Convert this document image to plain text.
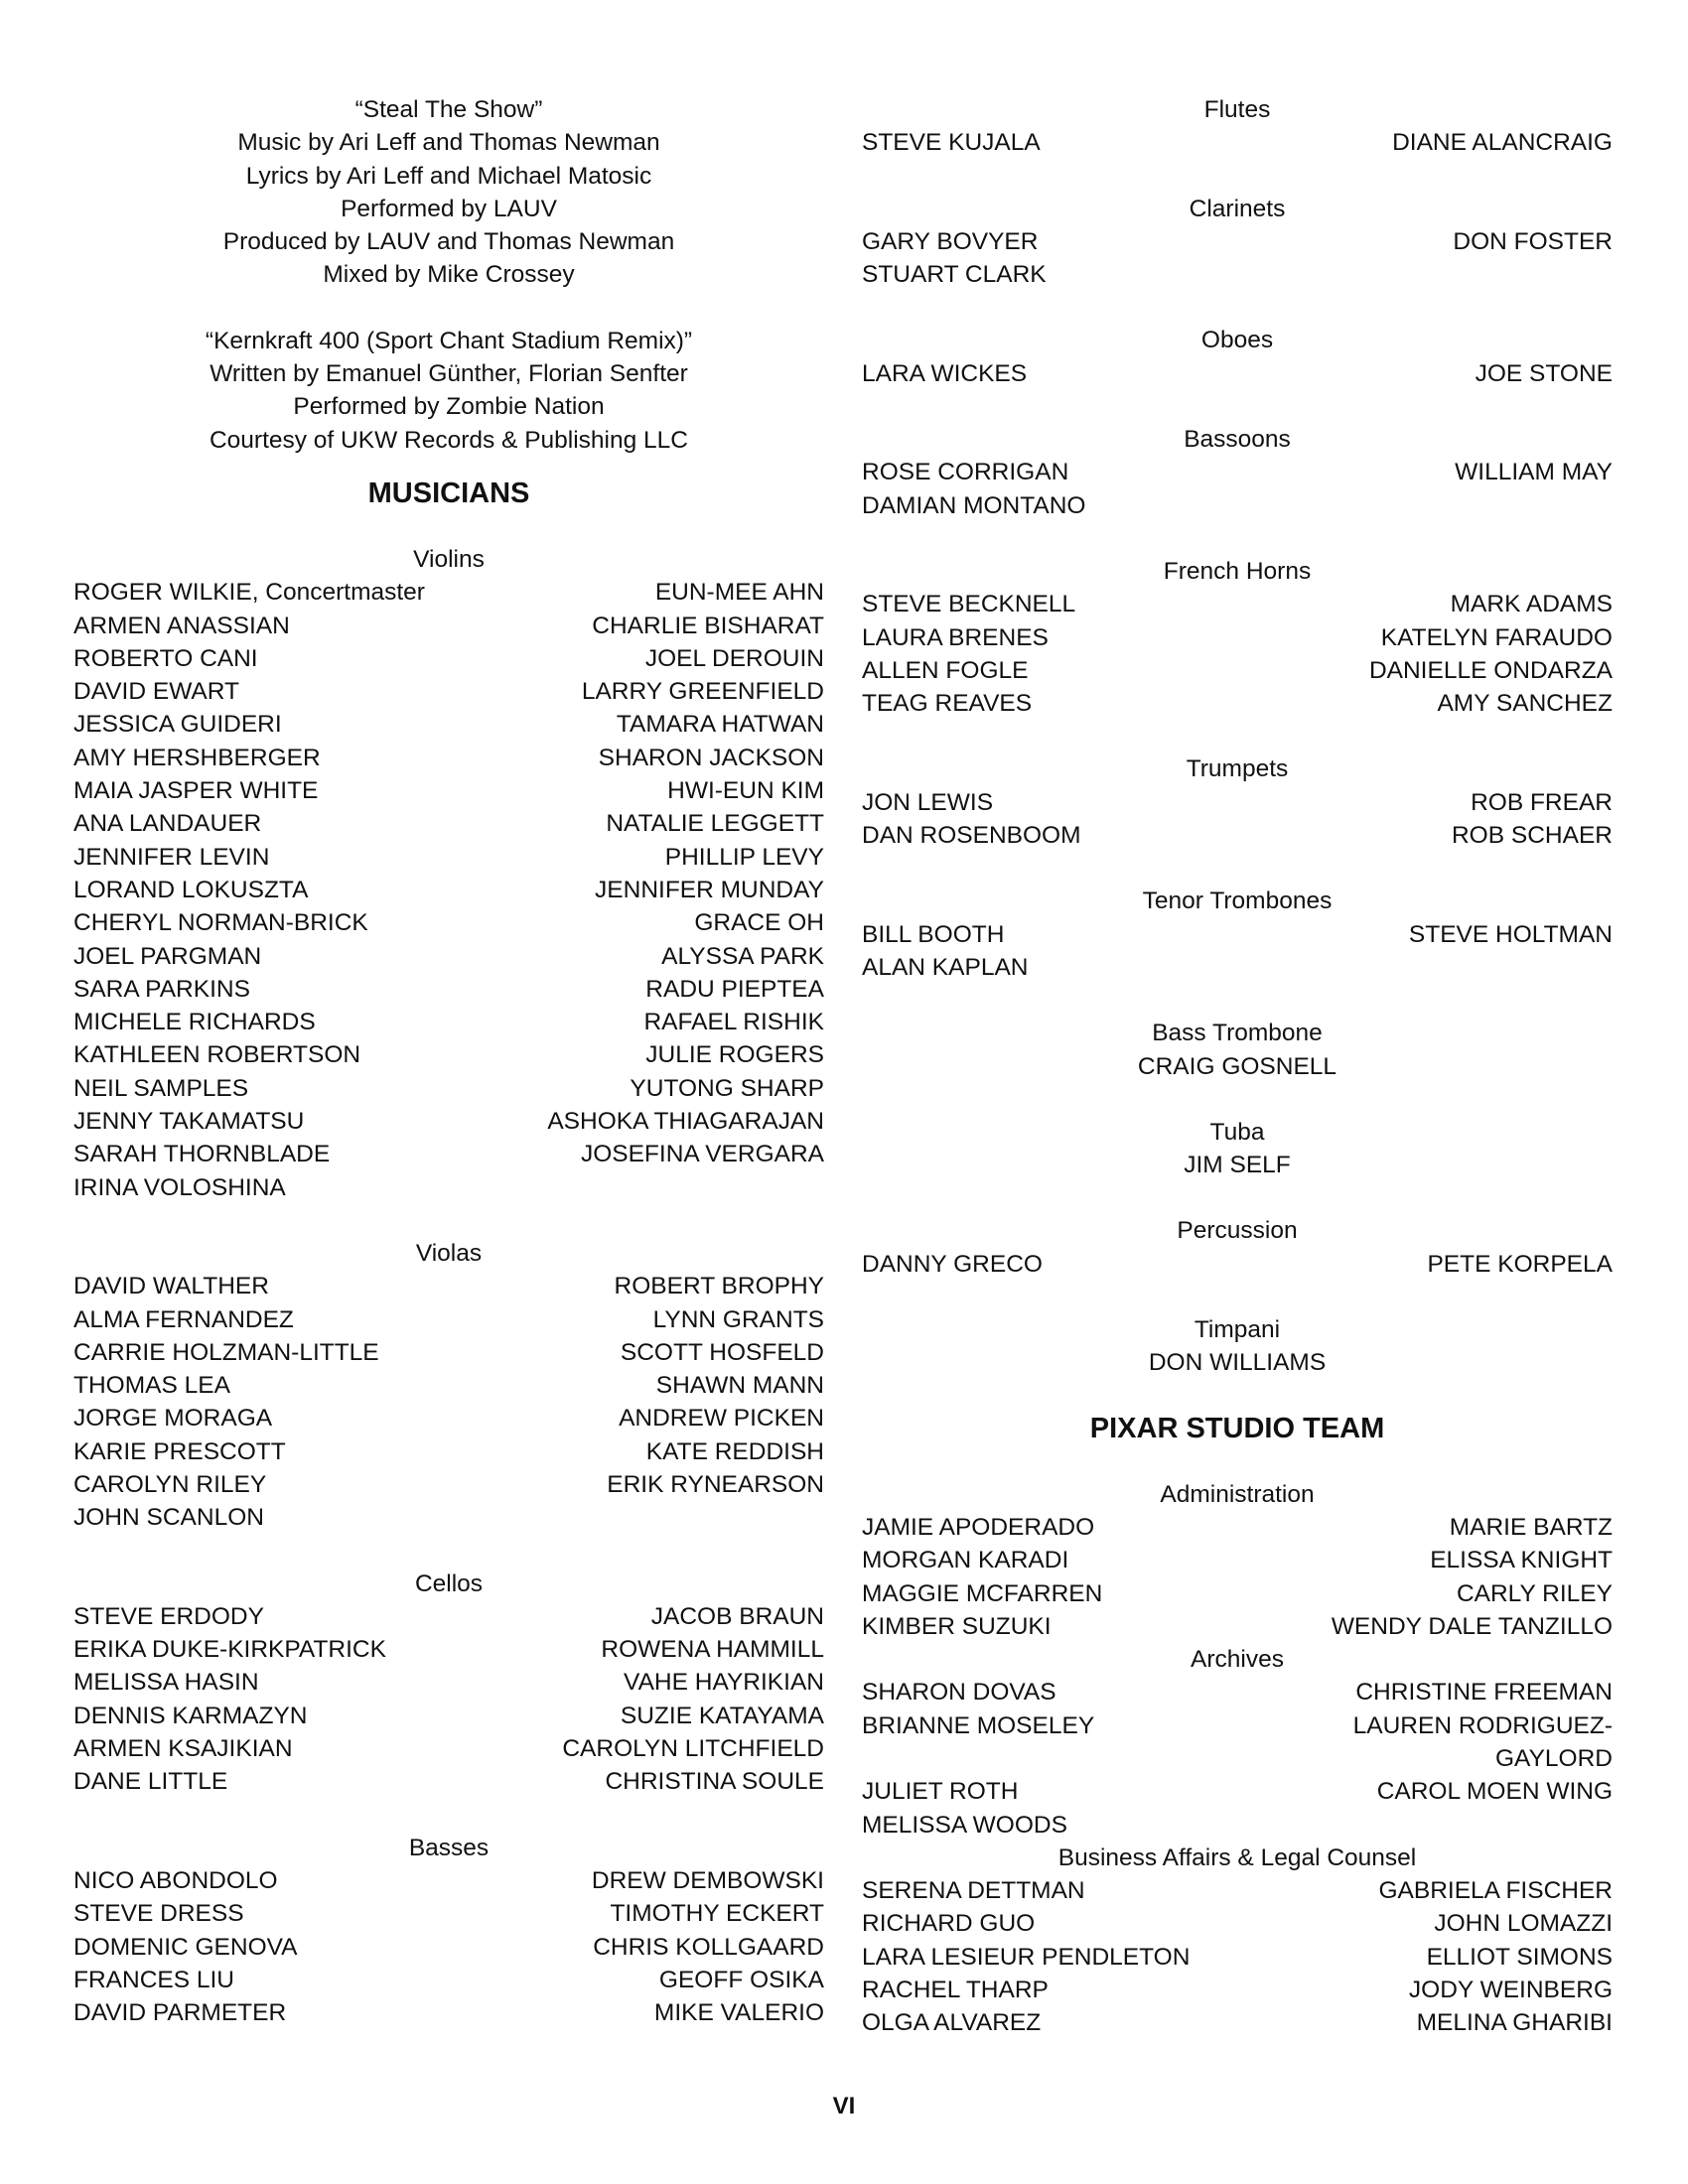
“Steal The Show”
Music by Ari Leff and Thomas Newman
Lyrics by Ari Leff and Michael Matosic
Performed by LAUV
Produced by LAUV and Thomas Newman
Mixed by Mike Crossey
“Kernkraft 400 (Sport Chant Stadium Remix)”
Written by Emanuel Günther, Florian Senfter
Performed by Zombie Nation
Courtesy of UKW Records & Publishing LLC
MUSICIANS
Violins
ROGER WILKIE, Concertmaster	EUN-MEE AHN
ARMEN ANASSIAN	CHARLIE BISHARAT
ROBERTO CANI	JOEL DEROUIN
DAVID EWART	LARRY GREENFIELD
JESSICA GUIDERI	TAMARA HATWAN
AMY HERSHBERGER	SHARON JACKSON
MAIA JASPER WHITE	HWI-EUN KIM
ANA LANDAUER	NATALIE LEGGETT
JENNIFER LEVIN	PHILLIP LEVY
LORAND LOKUSZTA	JENNIFER MUNDAY
CHERYL NORMAN-BRICK	GRACE OH
JOEL PARGMAN	ALYSSA PARK
SARA PARKINS	RADU PIEPTEA
MICHELE RICHARDS	RAFAEL RISHIK
KATHLEEN ROBERTSON	JULIE ROGERS
NEIL SAMPLES	YUTONG SHARP
JENNY TAKAMATSU	ASHOKA THIAGARAJAN
SARAH THORNBLADE	JOSEFINA VERGARA
IRINA VOLOSHINA
Violas
DAVID WALTHER	ROBERT BROPHY
ALMA FERNANDEZ	LYNN GRANTS
CARRIE HOLZMAN-LITTLE	SCOTT HOSFELD
THOMAS LEA	SHAWN MANN
JORGE MORAGA	ANDREW PICKEN
KARIE PRESCOTT	KATE REDDISH
CAROLYN RILEY	ERIK RYNEARSON
JOHN SCANLON
Cellos
STEVE ERDODY	JACOB BRAUN
ERIKA DUKE-KIRKPATRICK	ROWENA HAMMILL
MELISSA HASIN	VAHE HAYRIKIAN
DENNIS KARMAZYN	SUZIE KATAYAMA
ARMEN KSAJIKIAN	CAROLYN LITCHFIELD
DANE LITTLE	CHRISTINA SOULE
Basses
NICO ABONDOLO	DREW DEMBOWSKI
STEVE DRESS	TIMOTHY ECKERT
DOMENIC GENOVA	CHRIS KOLLGAARD
FRANCES LIU	GEOFF OSIKA
DAVID PARMETER	MIKE VALERIO
Flutes
STEVE KUJALA	DIANE ALANCRAIG
Clarinets
GARY BOVYER	DON FOSTER
STUART CLARK
Oboes
LARA WICKES	JOE STONE
Bassoons
ROSE CORRIGAN	WILLIAM MAY
DAMIAN MONTANO
French Horns
STEVE BECKNELL	MARK ADAMS
LAURA BRENES	KATELYN FARAUDO
ALLEN FOGLE	DANIELLE ONDARZA
TEAG REAVES	AMY SANCHEZ
Trumpets
JON LEWIS	ROB FREAR
DAN ROSENBOOM	ROB SCHAER
Tenor Trombones
BILL BOOTH	STEVE HOLTMAN
ALAN KAPLAN
Bass Trombone
CRAIG GOSNELL
Tuba
JIM SELF
Percussion
DANNY GRECO	PETE KORPELA
Timpani
DON WILLIAMS
PIXAR STUDIO TEAM
Administration
JAMIE APODERADO	MARIE BARTZ
MORGAN KARADI	ELISSA KNIGHT
MAGGIE MCFARREN	CARLY RILEY
KIMBER SUZUKI	WENDY DALE TANZILLO
Archives
SHARON DOVAS	CHRISTINE FREEMAN
BRIANNE MOSELEY	LAUREN RODRIGUEZ-GAYLORD
JULIET ROTH	CAROL MOEN WING
MELISSA WOODS
Business Affairs & Legal Counsel
SERENA DETTMAN	GABRIELA FISCHER
RICHARD GUO	JOHN LOMAZZI
LARA LESIEUR PENDLETON	ELLIOT SIMONS
RACHEL THARP	JODY WEINBERG
OLGA ALVAREZ	MELINA GHARIBI
VI
